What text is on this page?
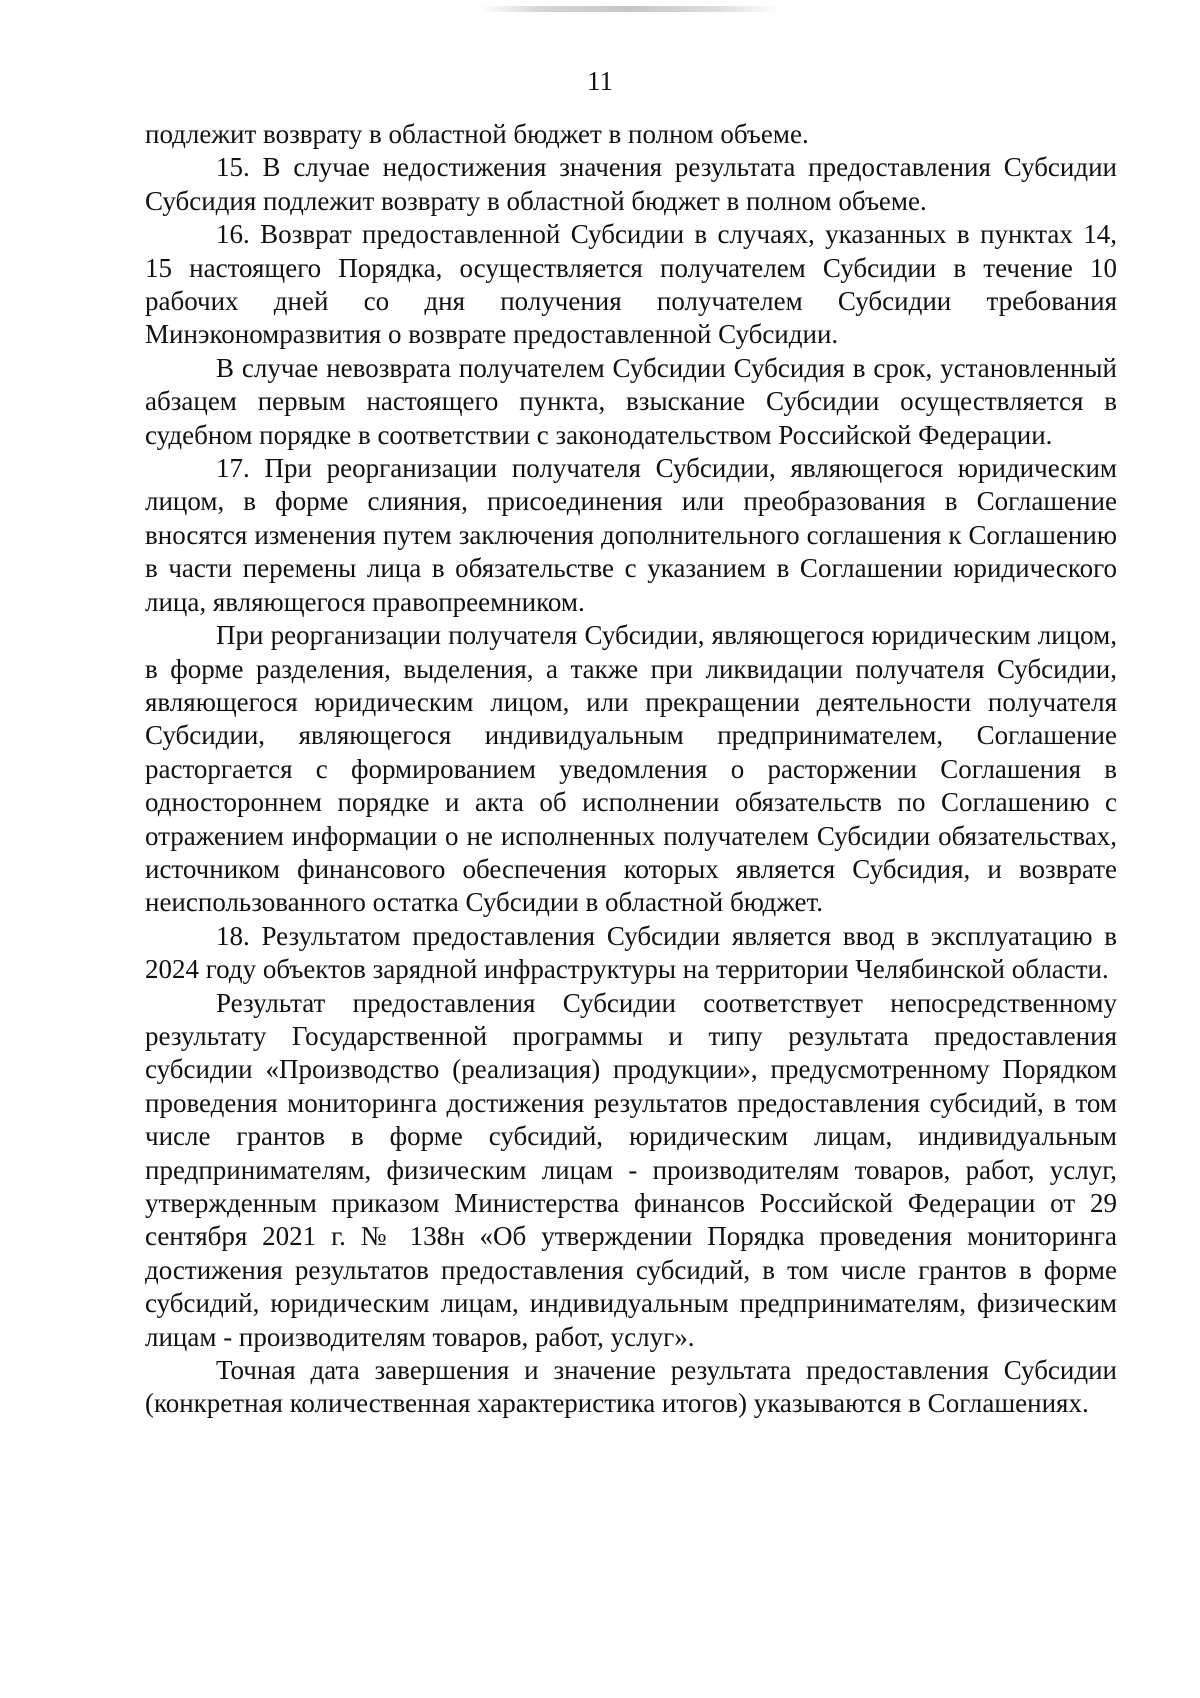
11

подлежит возврату в областной бюджет в полном объеме.

15. В случае недостижения значения результата предоставления Субсидии Субсидия подлежит возврату в областной бюджет в полном объеме.

16. Возврат предоставленной Субсидии в случаях, указанных в пунктах 14, 15 настоящего Порядка, осуществляется получателем Субсидии в течение 10 рабочих дней со дня получения получателем Субсидии требования Минэкономразвития о возврате предоставленной Субсидии.

В случае невозврата получателем Субсидии Субсидия в срок, установленный абзацем первым настоящего пункта, взыскание Субсидии осуществляется в судебном порядке в соответствии с законодательством Российской Федерации.

17. При реорганизации получателя Субсидии, являющегося юридическим лицом, в форме слияния, присоединения или преобразования в Соглашение вносятся изменения путем заключения дополнительного соглашения к Соглашению в части перемены лица в обязательстве с указанием в Соглашении юридического лица, являющегося правопреемником.

При реорганизации получателя Субсидии, являющегося юридическим лицом, в форме разделения, выделения, а также при ликвидации получателя Субсидии, являющегося юридическим лицом, или прекращении деятельности получателя Субсидии, являющегося индивидуальным предпринимателем, Соглашение расторгается с формированием уведомления о расторжении Соглашения в одностороннем порядке и акта об исполнении обязательств по Соглашению с отражением информации о не исполненных получателем Субсидии обязательствах, источником финансового обеспечения которых является Субсидия, и возврате неиспользованного остатка Субсидии в областной бюджет.

18. Результатом предоставления Субсидии является ввод в эксплуатацию в 2024 году объектов зарядной инфраструктуры на территории Челябинской области.

Результат предоставления Субсидии соответствует непосредственному результату Государственной программы и типу результата предоставления субсидии «Производство (реализация) продукции», предусмотренному Порядком проведения мониторинга достижения результатов предоставления субсидий, в том числе грантов в форме субсидий, юридическим лицам, индивидуальным предпринимателям, физическим лицам - производителям товаров, работ, услуг, утвержденным приказом Министерства финансов Российской Федерации от 29 сентября 2021 г. № 138н «Об утверждении Порядка проведения мониторинга достижения результатов предоставления субсидий, в том числе грантов в форме субсидий, юридическим лицам, индивидуальным предпринимателям, физическим лицам - производителям товаров, работ, услуг».

Точная дата завершения и значение результата предоставления Субсидии (конкретная количественная характеристика итогов) указываются в Соглашениях.
